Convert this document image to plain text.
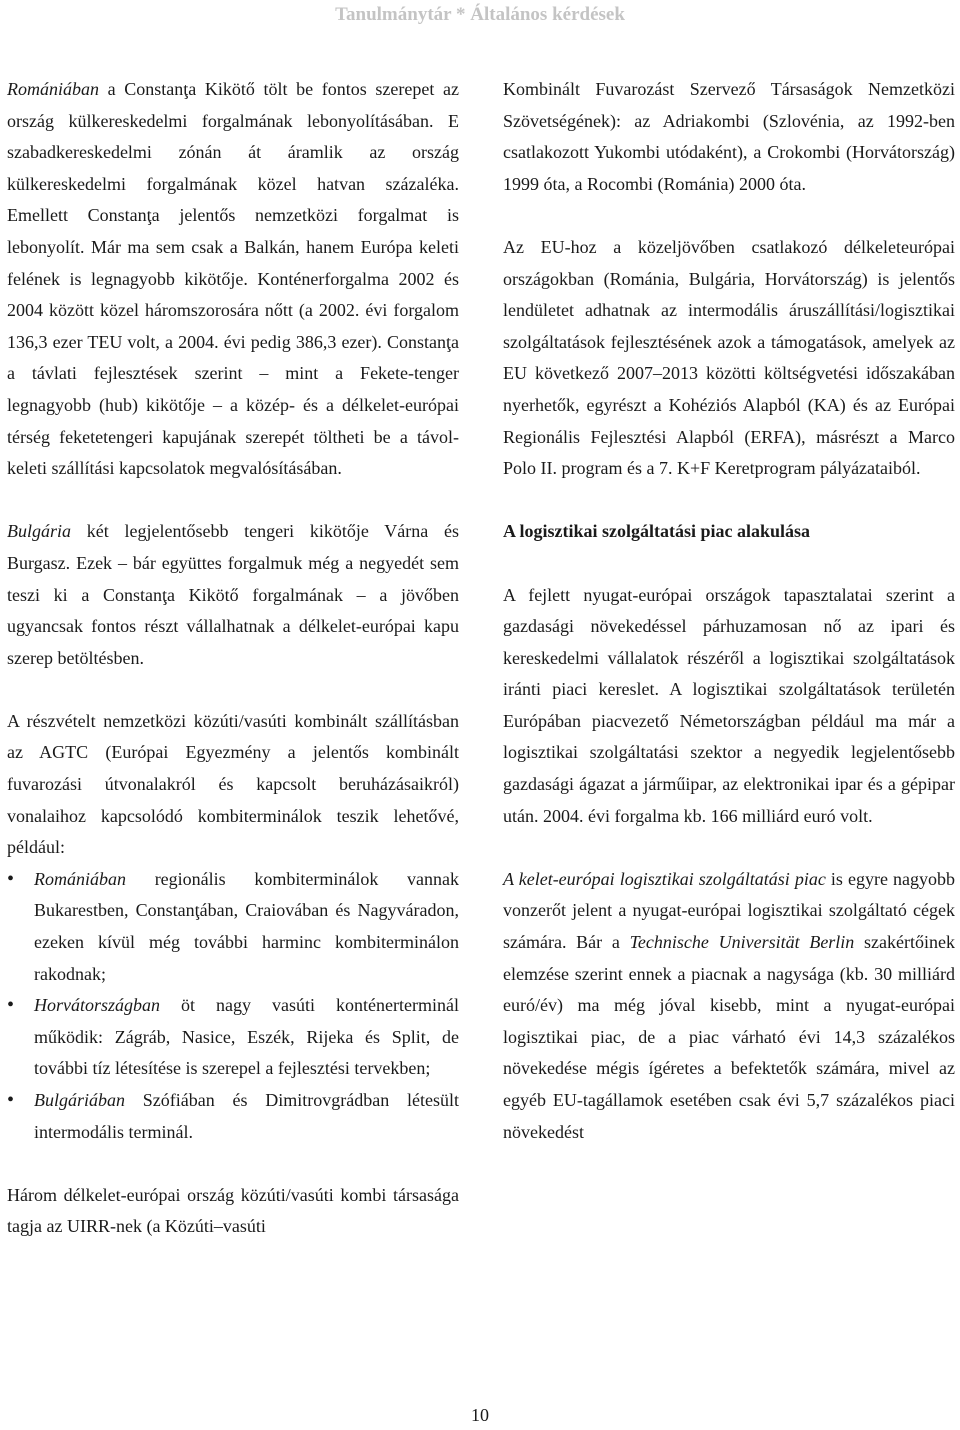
Tanulmánytár * Általános kérdések

Romániában a Constanţa Kikötő tölt be fontos szerepet az ország külkereskedelmi forgalmának lebonyolításában. E szabadkereskedelmi zónán át áramlik az ország külkereskedelmi forgalmának közel hatvan százaléka. Emellett Constanţa jelentős nemzetközi forgalmat is lebonyolít. Már ma sem csak a Balkán, hanem Európa keleti felének is legnagyobb kikötője. Konténerforgalma 2002 és 2004 között közel háromszorosára nőtt (a 2002. évi forgalom 136,3 ezer TEU volt, a 2004. évi pedig 386,3 ezer). Constanţa a távlati fejlesztések szerint – mint a Fekete-tenger legnagyobb (hub) kikötője – a közép- és a délkelet-európai térség feketetengeri kapujának szerepét töltheti be a távol-keleti szállítási kapcsolatok megvalósításában.

Bulgária két legjelentősebb tengeri kikötője Várna és Burgasz. Ezek – bár együttes forgalmuk még a negyedét sem teszi ki a Constanţa Kikötő forgalmának – a jövőben ugyancsak fontos részt vállalhatnak a délkelet-európai kapu szerep betöltésben.

A részvételt nemzetközi közúti/vasúti kombinált szállításban az AGTC (Európai Egyezmény a jelentős kombinált fuvarozási útvonalakról és kapcsolt beruházásaikról) vonalaihoz kapcsolódó kombiterminálok teszik lehetővé, például:

• Romániában regionális kombiterminálok vannak Bukarestben, Constanţában, Craiovában és Nagyváradon, ezeken kívül még további harminc kombiterminálon rakodnak;
• Horvátországban öt nagy vasúti konténerterminál működik: Zágráb, Nasice, Eszék, Rijeka és Split, de további tíz létesítése is szerepel a fejlesztési tervekben;
• Bulgáriában Szófiában és Dimitrovgrádban létesült intermodális terminál.

Három délkelet-európai ország közúti/vasúti kombi társasága tagja az UIRR-nek (a Közúti–vasúti

Kombinált Fuvarozást Szervező Társaságok Nemzetközi Szövetségének): az Adriakombi (Szlovénia, az 1992-ben csatlakozott Yukombi utódaként), a Crokombi (Horvátország) 1999 óta, a Rocombi (Románia) 2000 óta.

Az EU-hoz a közeljövőben csatlakozó délkeleteurópai országokban (Románia, Bulgária, Horvátország) is jelentős lendületet adhatnak az intermodális áruszállítási/logisztikai szolgáltatások fejlesztésének azok a támogatások, amelyek az EU következő 2007–2013 közötti költségvetési időszakában nyerhetők, egyrészt a Kohéziós Alapból (KA) és az Európai Regionális Fejlesztési Alapból (ERFA), másrészt a Marco Polo II. program és a 7. K+F Keretprogram pályázataiból.

A logisztikai szolgáltatási piac alakulása

A fejlett nyugat-európai országok tapasztalatai szerint a gazdasági növekedéssel párhuzamosan nő az ipari és kereskedelmi vállalatok részéről a logisztikai szolgáltatások iránti piaci kereslet. A logisztikai szolgáltatások területén Európában piacvezető Németországban például ma már a logisztikai szolgáltatási szektor a negyedik legjelentősebb gazdasági ágazat a járműipar, az elektronikai ipar és a gépipar után. 2004. évi forgalma kb. 166 milliárd euró volt.

A kelet-európai logisztikai szolgáltatási piac is egyre nagyobb vonzerőt jelent a nyugat-európai logisztikai szolgáltató cégek számára. Bár a Technische Universität Berlin szakértőinek elemzése szerint ennek a piacnak a nagysága (kb. 30 milliárd euró/év) ma még jóval kisebb, mint a nyugat-európai logisztikai piac, de a piac várható évi 14,3 százalékos növekedése mégis ígéretes a befektetők számára, mivel az egyéb EU-tagállamok esetében csak évi 5,7 százalékos piaci növekedést

10
